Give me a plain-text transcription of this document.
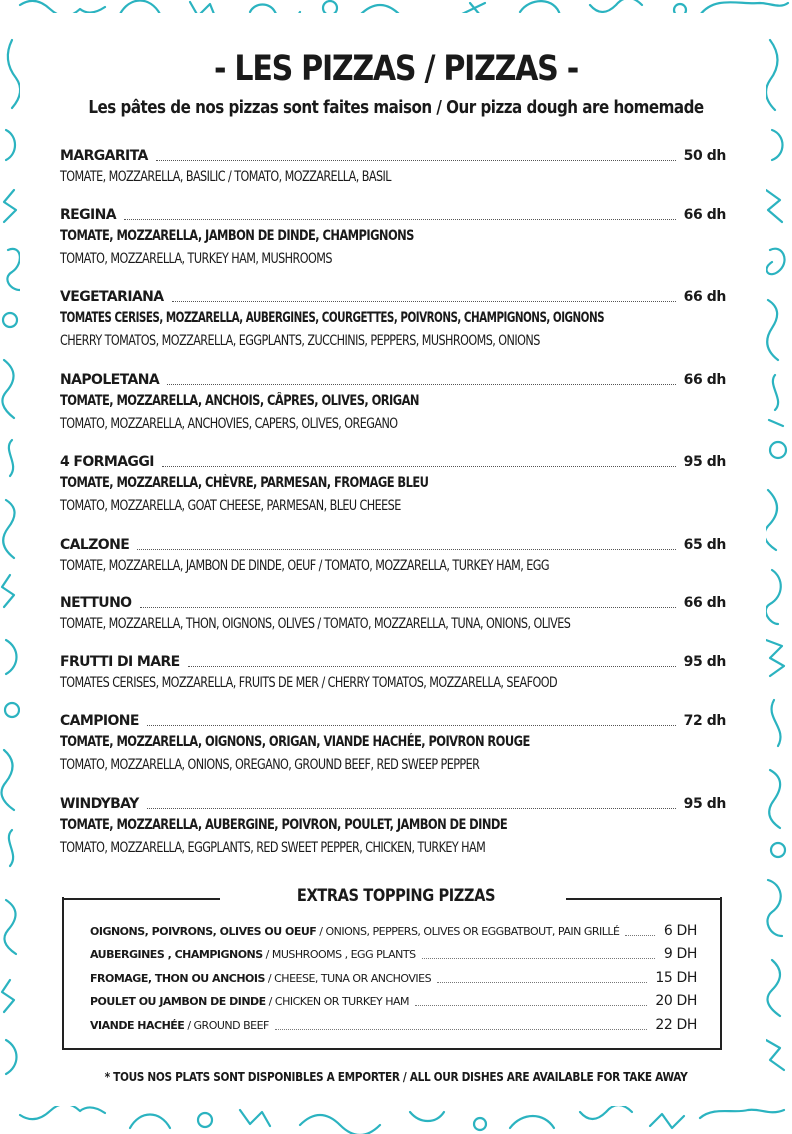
- LES PIZZAS / PIZZAS -
Les pâtes de nos pizzas sont faites maison / Our pizza dough are homemade
MARGARITA	50 dh
TOMATE, MOZZARELLA, BASILIC / TOMATO, MOZZARELLA, BASIL
REGINA	66 dh
TOMATE, MOZZARELLA, JAMBON DE DINDE, CHAMPIGNONS
TOMATO, MOZZARELLA, TURKEY HAM, MUSHROOMS
VEGETARIANA	66 dh
TOMATES CERISES, MOZZARELLA, AUBERGINES, COURGETTES, POIVRONS, CHAMPIGNONS, OIGNONS
CHERRY TOMATOS, MOZZARELLA, EGGPLANTS, ZUCCHINIS, PEPPERS, MUSHROOMS, ONIONS
NAPOLETANA	66 dh
TOMATE, MOZZARELLA, ANCHOIS, CÂPRES, OLIVES, ORIGAN
TOMATO, MOZZARELLA, ANCHOVIES, CAPERS, OLIVES, OREGANO
4 FORMAGGI	95 dh
TOMATE, MOZZARELLA, CHÈVRE, PARMESAN, FROMAGE BLEU
TOMATO, MOZZARELLA, GOAT CHEESE, PARMESAN, BLEU CHEESE
CALZONE	65 dh
TOMATE, MOZZARELLA, JAMBON DE DINDE, OEUF / TOMATO, MOZZARELLA, TURKEY HAM, EGG
NETTUNO	66 dh
TOMATE, MOZZARELLA, THON, OIGNONS, OLIVES / TOMATO, MOZZARELLA, TUNA, ONIONS, OLIVES
FRUTTI DI MARE	95 dh
TOMATES CERISES, MOZZARELLA, FRUITS DE MER / CHERRY TOMATOS, MOZZARELLA, SEAFOOD
CAMPIONE	72 dh
TOMATE, MOZZARELLA, OIGNONS, ORIGAN, VIANDE HACHÉE, POIVRON ROUGE
TOMATO, MOZZARELLA, ONIONS, OREGANO, GROUND BEEF, RED SWEEP PEPPER
WINDYBAY	95 dh
TOMATE, MOZZARELLA, AUBERGINE, POIVRON, POULET, JAMBON DE DINDE
TOMATO, MOZZARELLA, EGGPLANTS, RED SWEET PEPPER, CHICKEN, TURKEY HAM
EXTRAS TOPPING PIZZAS
OIGNONS, POIVRONS, OLIVES OU OEUF / ONIONS, PEPPERS, OLIVES OR EGGBATBOUT, PAIN GRILLÉ	6 DH
AUBERGINES , CHAMPIGNONS / MUSHROOMS , EGG PLANTS	9 DH
FROMAGE, THON OU ANCHOIS / CHEESE, TUNA OR ANCHOVIES	15 DH
POULET OU JAMBON DE DINDE / CHICKEN OR TURKEY HAM	20 DH
VIANDE HACHÉE / GROUND BEEF	22 DH
* TOUS NOS PLATS SONT DISPONIBLES A EMPORTER / ALL OUR DISHES ARE AVAILABLE FOR TAKE AWAY
